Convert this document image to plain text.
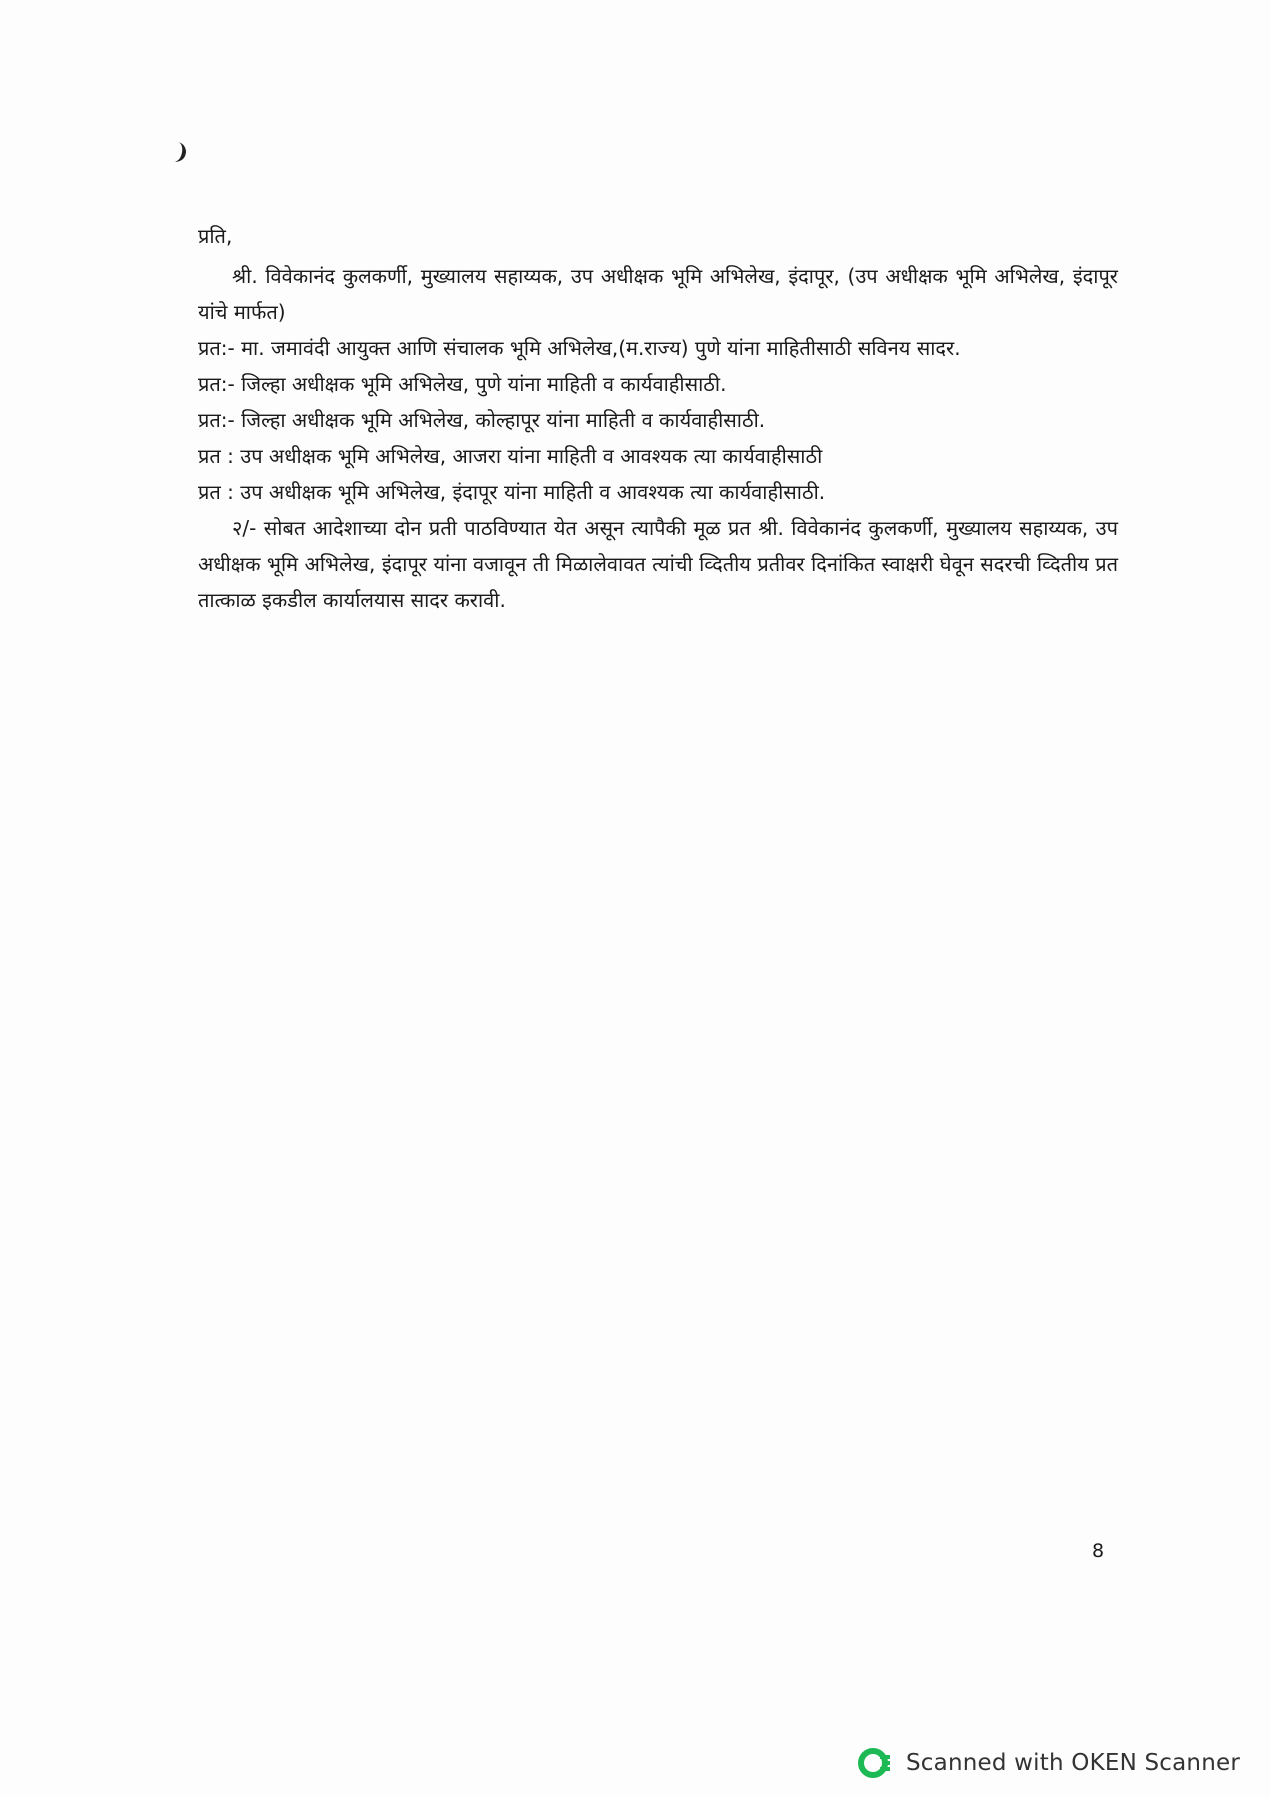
प्रति,

श्री. विवेकानंद कुलकर्णी, मुख्यालय सहाय्यक, उप अधीक्षक भूमि अभिलेख, इंदापूर, (उप अधीक्षक भूमि अभिलेख, इंदापूर यांचे मार्फत)

प्रत:- मा. जमावंदी आयुक्त आणि संचालक भूमि अभिलेख,(म.राज्य) पुणे यांना माहितीसाठी सविनय सादर.

प्रत:- जिल्हा अधीक्षक भूमि अभिलेख, पुणे यांना माहिती व कार्यवाहीसाठी.

प्रत:- जिल्हा अधीक्षक भूमि अभिलेख, कोल्हापूर यांना माहिती व कार्यवाहीसाठी.

प्रत : उप अधीक्षक भूमि अभिलेख, आजरा यांना माहिती व आवश्यक त्या कार्यवाहीसाठी

प्रत : उप अधीक्षक भूमि अभिलेख, इंदापूर यांना माहिती व आवश्यक त्या कार्यवाहीसाठी.

२/- सोबत आदेशाच्या दोन प्रती पाठविण्यात येत असून त्यापैकी मूळ प्रत श्री. विवेकानंद कुलकर्णी, मुख्यालय सहाय्यक, उप अधीक्षक भूमि अभिलेख, इंदापूर यांना वजावून ती मिळालेवावत त्यांची व्दितीय प्रतीवर दिनांकित स्वाक्षरी घेवून सदरची व्दितीय प्रत तात्काळ इकडील कार्यालयास सादर करावी.

8
Scanned with OKEN Scanner
